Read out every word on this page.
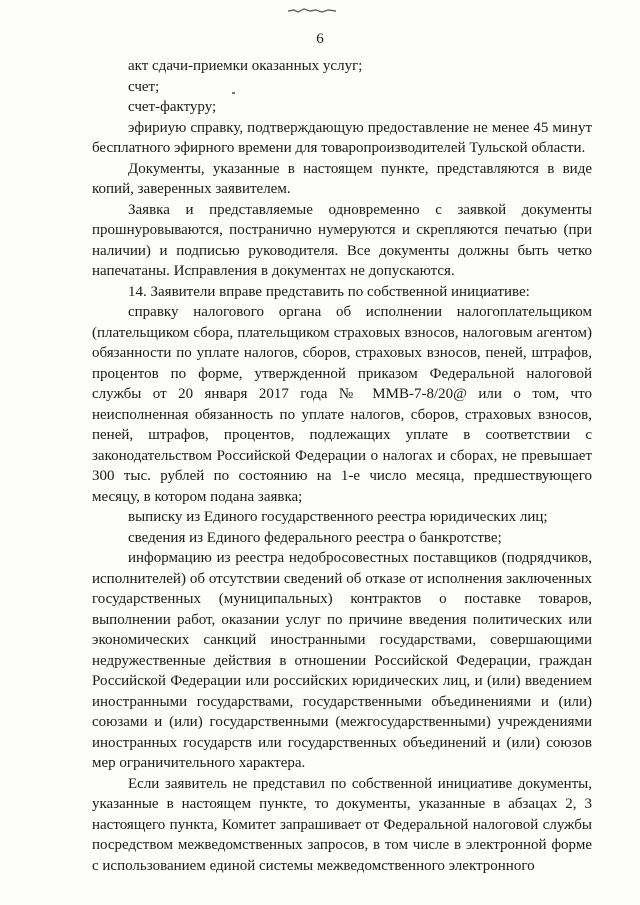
6

акт сдачи-приемки оказанных услуг;

счет;

счет-фактуру;

эфириую справку, подтверждающую предоставление не менее 45 минут бесплатного эфирного времени для товаропроизводителей Тульской области.

Документы, указанные в настоящем пункте, представляются в виде копий, заверенных заявителем.

Заявка и представляемые одновременно с заявкой документы прошнуровываются, постранично нумеруются и скрепляются печатью (при наличии) и подписью руководителя. Все документы должны быть четко напечатаны. Исправления в документах не допускаются.

14. Заявители вправе представить по собственной инициативе:

справку налогового органа об исполнении налогоплательщиком (плательщиком сбора, плательщиком страховых взносов, налоговым агентом) обязанности по уплате налогов, сборов, страховых взносов, пеней, штрафов, процентов по форме, утвержденной приказом Федеральной налоговой службы от 20 января 2017 года № ММВ-7-8/20@ или о том, что неисполненная обязанность по уплате налогов, сборов, страховых взносов, пеней, штрафов, процентов, подлежащих уплате в соответствии с законодательством Российской Федерации о налогах и сборах, не превышает 300 тыс. рублей по состоянию на 1-е число месяца, предшествующего месяцу, в котором подана заявка;

выписку из Единого государственного реестра юридических лиц;

сведения из Единого федерального реестра о банкротстве;

информацию из реестра недобросовестных поставщиков (подрядчиков, исполнителей) об отсутствии сведений об отказе от исполнения заключенных государственных (муниципальных) контрактов о поставке товаров, выполнении работ, оказании услуг по причине введения политических или экономических санкций иностранными государствами, совершающими недружественные действия в отношении Российской Федерации, граждан Российской Федерации или российских юридических лиц, и (или) введением иностранными государствами, государственными объединениями и (или) союзами и (или) государственными (межгосударственными) учреждениями иностранных государств или государственных объединений и (или) союзов мер ограничительного характера.

Если заявитель не представил по собственной инициативе документы, указанные в настоящем пункте, то документы, указанные в абзацах 2, 3 настоящего пункта, Комитет запрашивает от Федеральной налоговой службы посредством межведомственных запросов, в том числе в электронной форме с использованием единой системы межведомственного электронного
